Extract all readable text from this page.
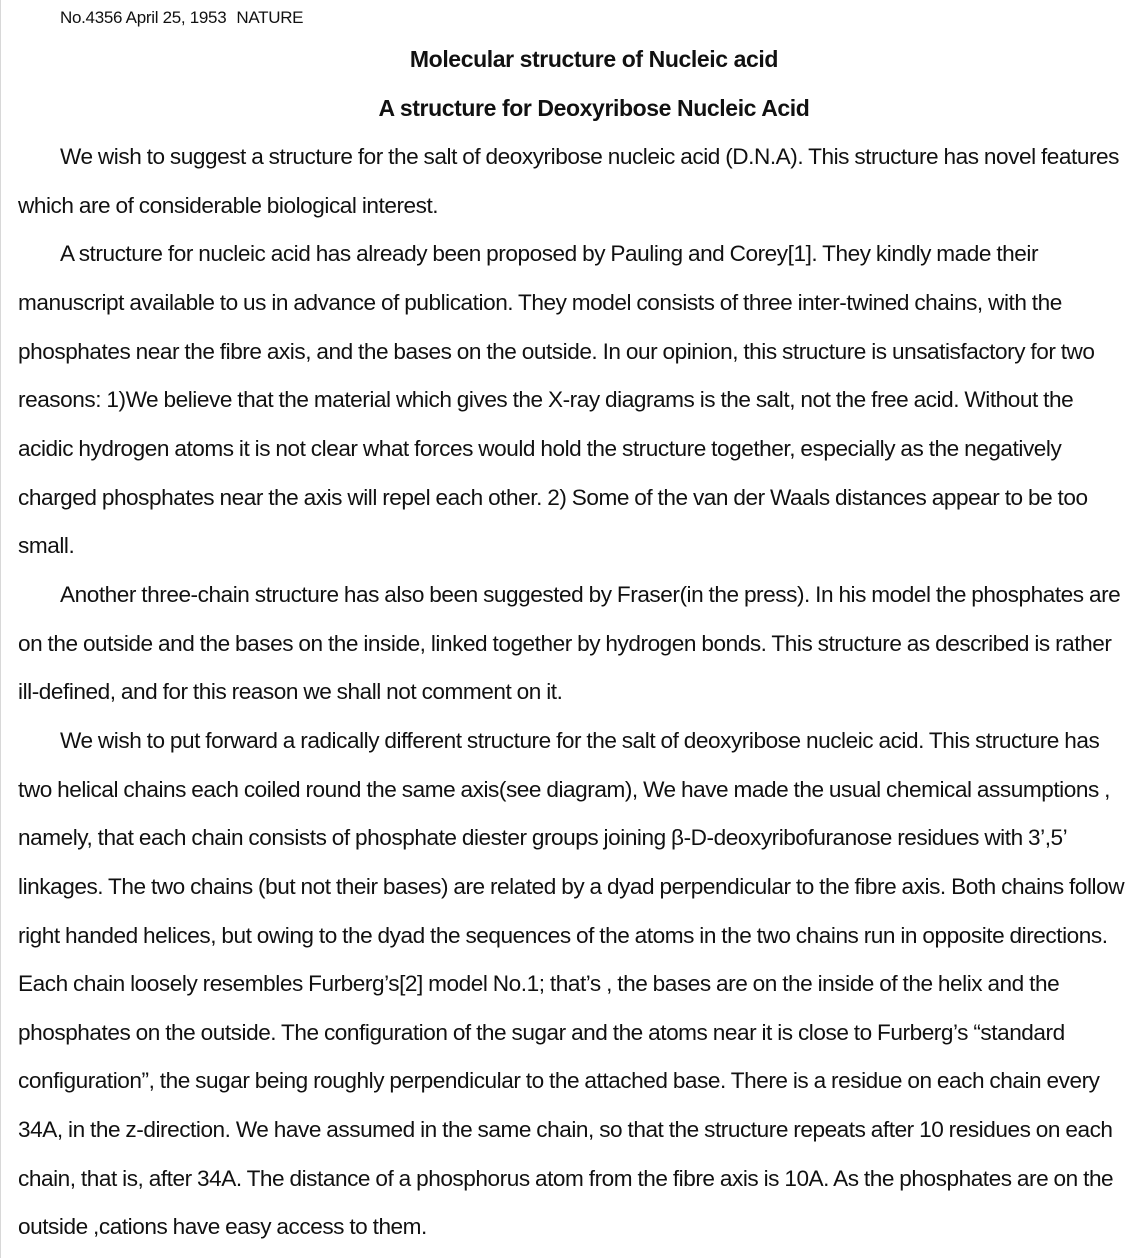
No.4356 April 25, 1953 NATURE
Molecular structure of Nucleic acid
A structure for Deoxyribose Nucleic Acid

We wish to suggest a structure for the salt of deoxyribose nucleic acid (D.N.A). This structure has novel features which are of considerable biological interest.

A structure for nucleic acid has already been proposed by Pauling and Corey[1]. They kindly made their manuscript available to us in advance of publication. They model consists of three inter-twined chains, with the phosphates near the fibre axis, and the bases on the outside. In our opinion, this structure is unsatisfactory for two reasons: 1)We believe that the material which gives the X-ray diagrams is the salt, not the free acid. Without the acidic hydrogen atoms it is not clear what forces would hold the structure together, especially as the negatively charged phosphates near the axis will repel each other. 2) Some of the van der Waals distances appear to be too small.

Another three-chain structure has also been suggested by Fraser(in the press). In his model the phosphates are on the outside and the bases on the inside, linked together by hydrogen bonds. This structure as described is rather ill-defined, and for this reason we shall not comment on it.

We wish to put forward a radically different structure for the salt of deoxyribose nucleic acid. This structure has two helical chains each coiled round the same axis(see diagram), We have made the usual chemical assumptions , namely, that each chain consists of phosphate diester groups joining β-D-deoxyribofuranose residues with 3’,5’ linkages. The two chains (but not their bases) are related by a dyad perpendicular to the fibre axis. Both chains follow right handed helices, but owing to the dyad the sequences of the atoms in the two chains run in opposite directions. Each chain loosely resembles Furberg’s[2] model No.1; that’s , the bases are on the inside of the helix and the phosphates on the outside. The configuration of the sugar and the atoms near it is close to Furberg’s “standard configuration”, the sugar being roughly perpendicular to the attached base. There is a residue on each chain every 34A, in the z-direction. We have assumed in the same chain, so that the structure repeats after 10 residues on each chain, that is, after 34A. The distance of a phosphorus atom from the fibre axis is 10A. As the phosphates are on the outside ,cations have easy access to them.
